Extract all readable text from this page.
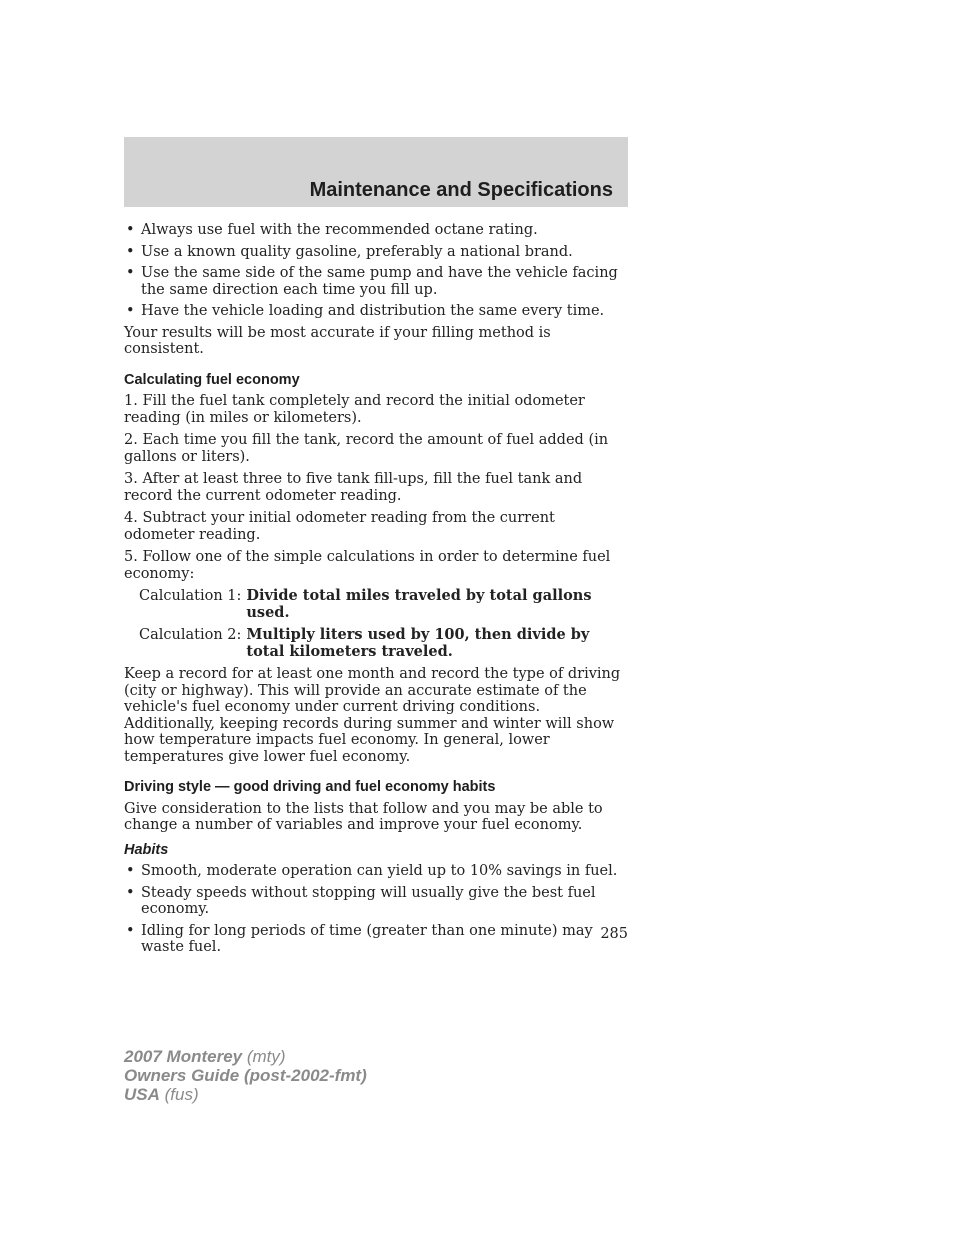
Maintenance and Specifications
• Always use fuel with the recommended octane rating.
• Use a known quality gasoline, preferably a national brand.
• Use the same side of the same pump and have the vehicle facing the same direction each time you fill up.
• Have the vehicle loading and distribution the same every time.

Your results will be most accurate if your filling method is consistent.

Calculating fuel economy

1. Fill the fuel tank completely and record the initial odometer reading (in miles or kilometers).

2. Each time you fill the tank, record the amount of fuel added (in gallons or liters).

3. After at least three to five tank fill-ups, fill the fuel tank and record the current odometer reading.

4. Subtract your initial odometer reading from the current odometer reading.

5. Follow one of the simple calculations in order to determine fuel economy:

Calculation 1: Divide total miles traveled by total gallons used.
Calculation 2: Multiply liters used by 100, then divide by total kilometers traveled.

Keep a record for at least one month and record the type of driving (city or highway). This will provide an accurate estimate of the vehicle's fuel economy under current driving conditions. Additionally, keeping records during summer and winter will show how temperature impacts fuel economy. In general, lower temperatures give lower fuel economy.

Driving style — good driving and fuel economy habits

Give consideration to the lists that follow and you may be able to change a number of variables and improve your fuel economy.

Habits
• Smooth, moderate operation can yield up to 10% savings in fuel.
• Steady speeds without stopping will usually give the best fuel economy.
• Idling for long periods of time (greater than one minute) may waste fuel.
285
2007 Monterey (mty)
Owners Guide (post-2002-fmt)
USA (fus)
